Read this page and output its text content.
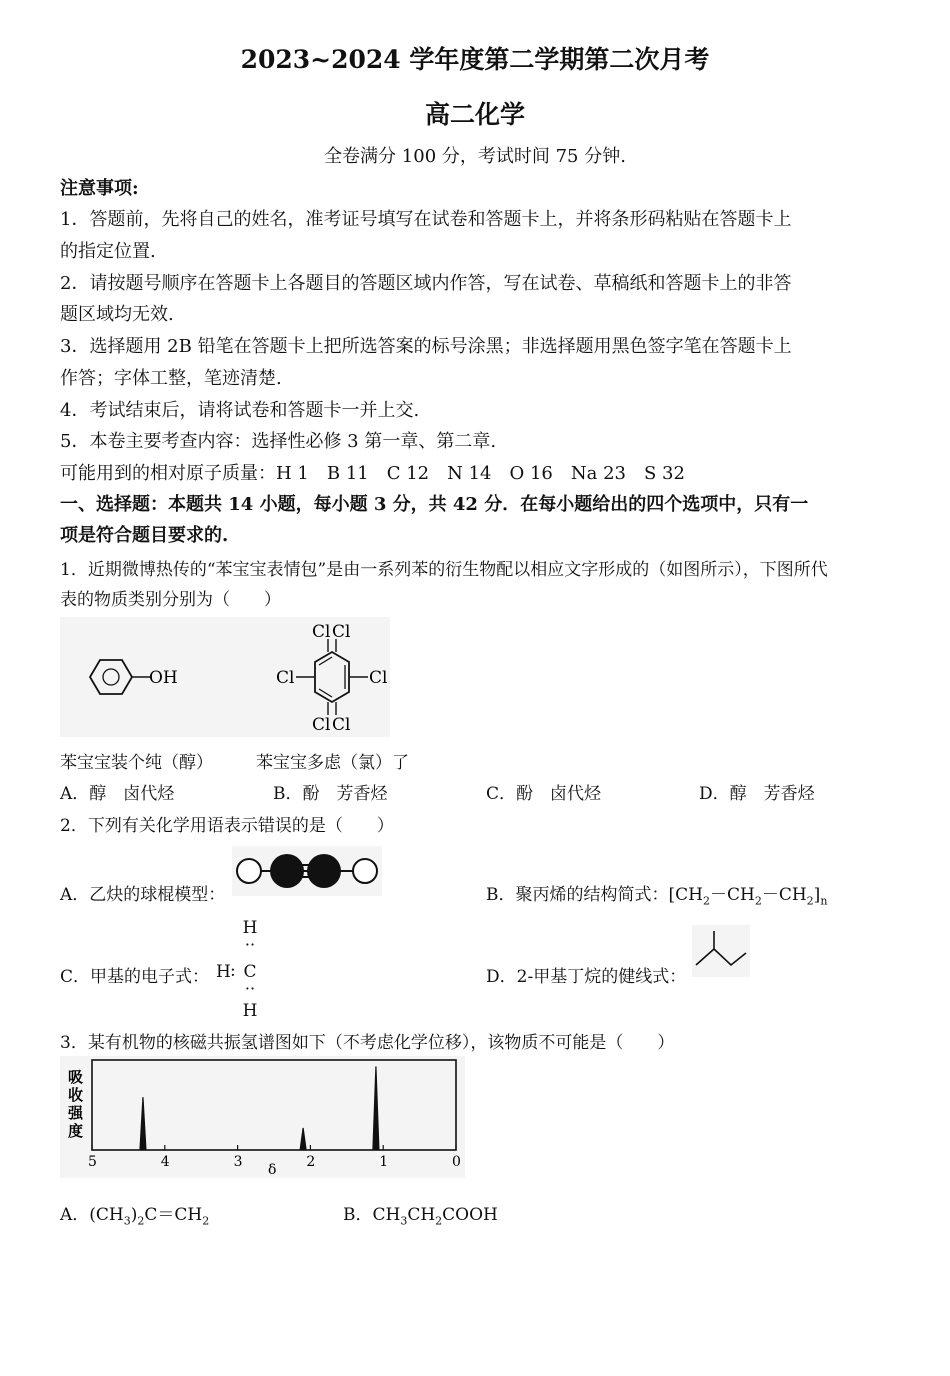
2023~2024 学年度第二学期第二次月考
高二化学
全卷满分 100 分，考试时间 75 分钟.
注意事项:
1．答题前，先将自己的姓名，准考证号填写在试卷和答题卡上，并将条形码粘贴在答题卡上
的指定位置.
2．请按题号顺序在答题卡上各题目的答题区域内作答，写在试卷、草稿纸和答题卡上的非答
题区域均无效.
3．选择题用 2B 铅笔在答题卡上把所选答案的标号涂黑；非选择题用黑色签字笔在答题卡上
作答；字体工整，笔迹清楚.
4．考试结束后，请将试卷和答题卡一并上交.
5．本卷主要考查内容：选择性必修 3 第一章、第二章.
可能用到的相对原子质量：H 1　B 11　C 12　N 14　O 16　Na 23　S 32
一、选择题：本题共 14 小题，每小题 3 分，共 42 分．在每小题给出的四个选项中，只有一
项是符合题目要求的.
1．近期微博热传的“苯宝宝表情包”是由一系列苯的衍生物配以相应文字形成的（如图所示），下图所代
表的物质类别分别为（　　）
OH
Cl Cl
Cl	Cl
Cl Cl
苯宝宝装个纯（醇）	苯宝宝多虑（氯）了
A．醇　卤代烃	B．酚　芳香烃	C．酚　卤代烃	D．醇　芳香烃
2．下列有关化学用语表示错误的是（　　）
A．乙炔的球棍模型：	B．聚丙烯的结构简式：$[CH_2-CH_2-CH_2]_n$
C．甲基的电子式：
H
··
H : C
··
H
D．2-甲基丁烷的健线式：
3．某有机物的核磁共振氢谱图如下（不考虑化学位移），该物质不可能是（　　）
吸
收
强
度
δ
5	4	3	2	1	0
A．$(CH_3)_2C=CH_2$	B．$CH_3CH_2COOH$
